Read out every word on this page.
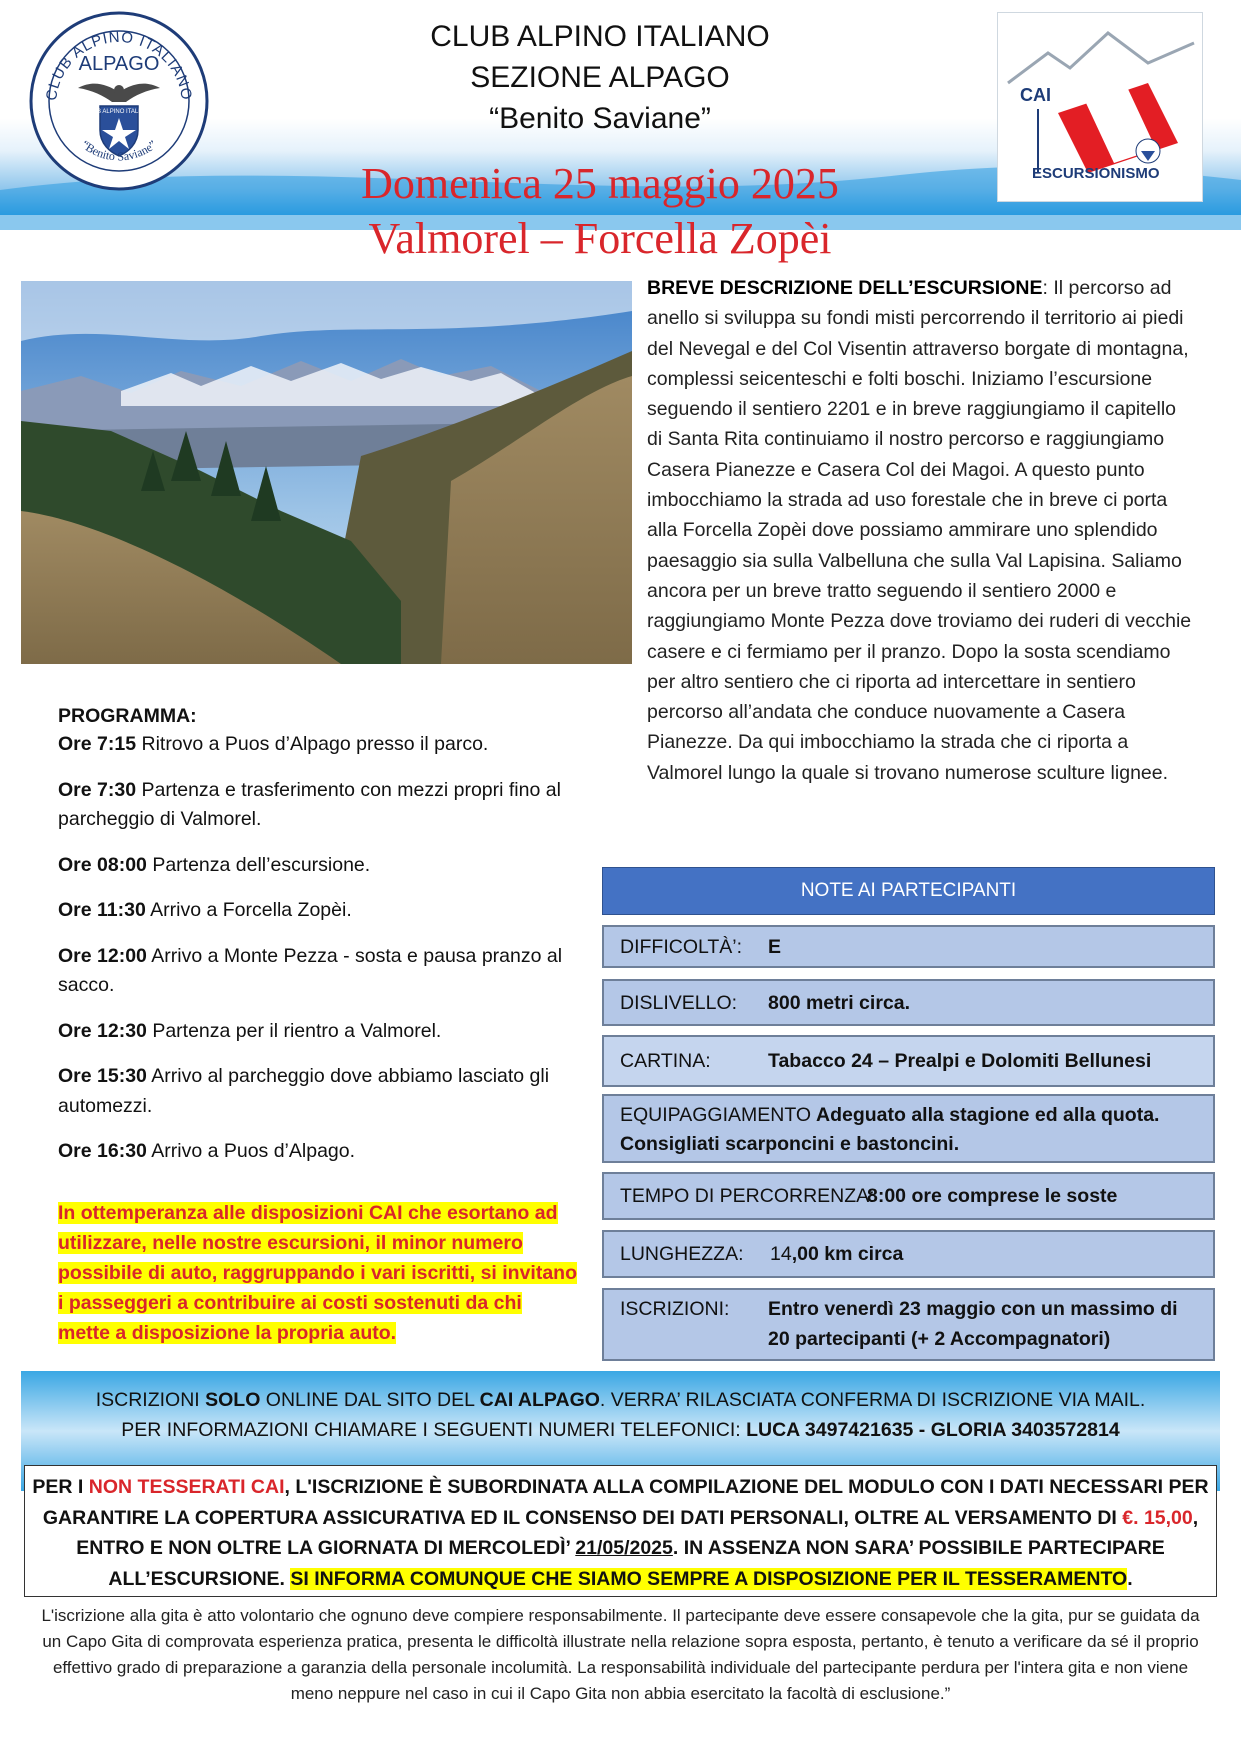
CLUB ALPINO ITALIANO
ALPAGO
CLUB ALPINO ITALIANO
“Benito Saviane”
CLUB ALPINO ITALIANO
SEZIONE ALPAGO
“Benito Saviane”
Domenica 25 maggio 2025
Valmorel – Forcella Zopèi
CAI
ESCURSIONISMO
BREVE DESCRIZIONE DELL’ESCURSIONE: Il percorso ad anello si sviluppa su fondi misti percorrendo il territorio ai piedi del Nevegal e del Col Visentin attraverso borgate di montagna, complessi seicenteschi e folti boschi. Iniziamo l’escursione seguendo il sentiero 2201 e in breve raggiungiamo il capitello di Santa Rita continuiamo il nostro percorso e raggiungiamo Casera Pianezze e Casera Col dei Magoi. A questo punto imbocchiamo la strada ad uso forestale che in breve ci porta alla Forcella Zopèi dove possiamo ammirare uno splendido paesaggio sia sulla Valbelluna che sulla Val Lapisina. Saliamo ancora per un breve tratto seguendo il sentiero 2000 e raggiungiamo Monte Pezza dove troviamo dei ruderi di vecchie casere e ci fermiamo per il pranzo. Dopo la sosta scendiamo per altro sentiero che ci riporta ad intercettare in sentiero percorso all’andata che conduce nuovamente a Casera Pianezze. Da qui imbocchiamo la strada che ci riporta a Valmorel lungo la quale si trovano numerose sculture lignee.
PROGRAMMA:
Ore 7:15 Ritrovo a Puos d’Alpago presso il parco.
Ore 7:30 Partenza e trasferimento con mezzi propri fino al parcheggio di Valmorel.
Ore 08:00 Partenza dell’escursione.
Ore 11:30 Arrivo a Forcella Zopèi.
Ore 12:00 Arrivo a Monte Pezza - sosta e pausa pranzo al sacco.
Ore 12:30 Partenza per il rientro a Valmorel.
Ore 15:30 Arrivo al parcheggio dove abbiamo lasciato gli automezzi.
Ore 16:30 Arrivo a Puos d’Alpago.
In ottemperanza alle disposizioni CAI che esortano ad utilizzare, nelle nostre escursioni, il minor numero possibile di auto, raggruppando i vari iscritti, si invitano i passeggeri a contribuire ai costi sostenuti da chi mette a disposizione la propria auto.
NOTE AI PARTECIPANTI
DIFFICOLTÀ’: E
DISLIVELLO: 800 metri circa.
CARTINA:	Tabacco 24 – Prealpi e Dolomiti Bellunesi
EQUIPAGGIAMENTO Adeguato alla stagione ed alla quota.
Consigliati scarponcini e bastoncini.
TEMPO DI PERCORRENZA:
8:00 ore comprese le soste
LUNGHEZZA: 14,00 km circa
ISCRIZIONI: Entro venerdì 23 maggio con un massimo di
20 partecipanti (+ 2 Accompagnatori)
ISCRIZIONI SOLO ONLINE DAL SITO DEL CAI ALPAGO. VERRA’ RILASCIATA CONFERMA DI ISCRIZIONE VIA MAIL.
PER INFORMAZIONI CHIAMARE I SEGUENTI NUMERI TELEFONICI: LUCA 3497421635 - GLORIA 3403572814
PER I NON TESSERATI CAI, L'ISCRIZIONE È SUBORDINATA ALLA COMPILAZIONE DEL MODULO CON I DATI NECESSARI PER GARANTIRE LA COPERTURA ASSICURATIVA ED IL CONSENSO DEI DATI PERSONALI, OLTRE AL VERSAMENTO DI €. 15,00, ENTRO E NON OLTRE LA GIORNATA DI MERCOLEDÌ’ 21/05/2025. IN ASSENZA NON SARA’ POSSIBILE PARTECIPARE ALL’ESCURSIONE. SI INFORMA COMUNQUE CHE SIAMO SEMPRE A DISPOSIZIONE PER IL TESSERAMENTO.
L'iscrizione alla gita è atto volontario che ognuno deve compiere responsabilmente. Il partecipante deve essere consapevole che la gita, pur se guidata da un Capo Gita di comprovata esperienza pratica, presenta le difficoltà illustrate nella relazione sopra esposta, pertanto, è tenuto a verificare da sé il proprio effettivo grado di preparazione a garanzia della personale incolumità. La responsabilità individuale del partecipante perdura per l'intera gita e non viene meno neppure nel caso in cui il Capo Gita non abbia esercitato la facoltà di esclusione.”
